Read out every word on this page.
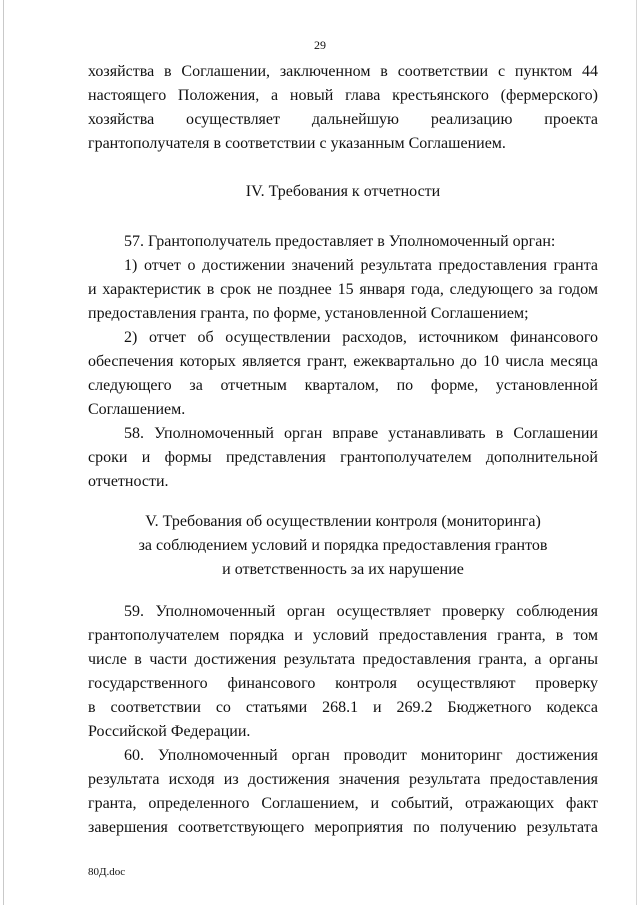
29
хозяйства в Соглашении, заключенном в соответствии с пунктом 44
настоящего Положения, а новый глава крестьянского (фермерского)
хозяйства осуществляет дальнейшую реализацию проекта
грантополучателя в соответствии с указанным Соглашением.
IV. Требования к отчетности
57. Грантополучатель предоставляет в Уполномоченный орган:
1) отчет о достижении значений результата предоставления гранта
и характеристик в срок не позднее 15 января года, следующего за годом
предоставления гранта, по форме, установленной Соглашением;
2) отчет об осуществлении расходов, источником финансового
обеспечения которых является грант, ежеквартально до 10 числа месяца
следующего за отчетным кварталом, по форме, установленной
Соглашением.
58. Уполномоченный орган вправе устанавливать в Соглашении
сроки и формы представления грантополучателем дополнительной
отчетности.
V. Требования об осуществлении контроля (мониторинга)
за соблюдением условий и порядка предоставления грантов
и ответственность за их нарушение
59. Уполномоченный орган осуществляет проверку соблюдения
грантополучателем порядка и условий предоставления гранта, в том
числе в части достижения результата предоставления гранта, а органы
государственного финансового контроля осуществляют проверку
в соответствии со статьями 268.1 и 269.2 Бюджетного кодекса
Российской Федерации.
60. Уполномоченный орган проводит мониторинг достижения
результата исходя из достижения значения результата предоставления
гранта, определенного Соглашением, и событий, отражающих факт
завершения соответствующего мероприятия по получению результата
80Д.doc
